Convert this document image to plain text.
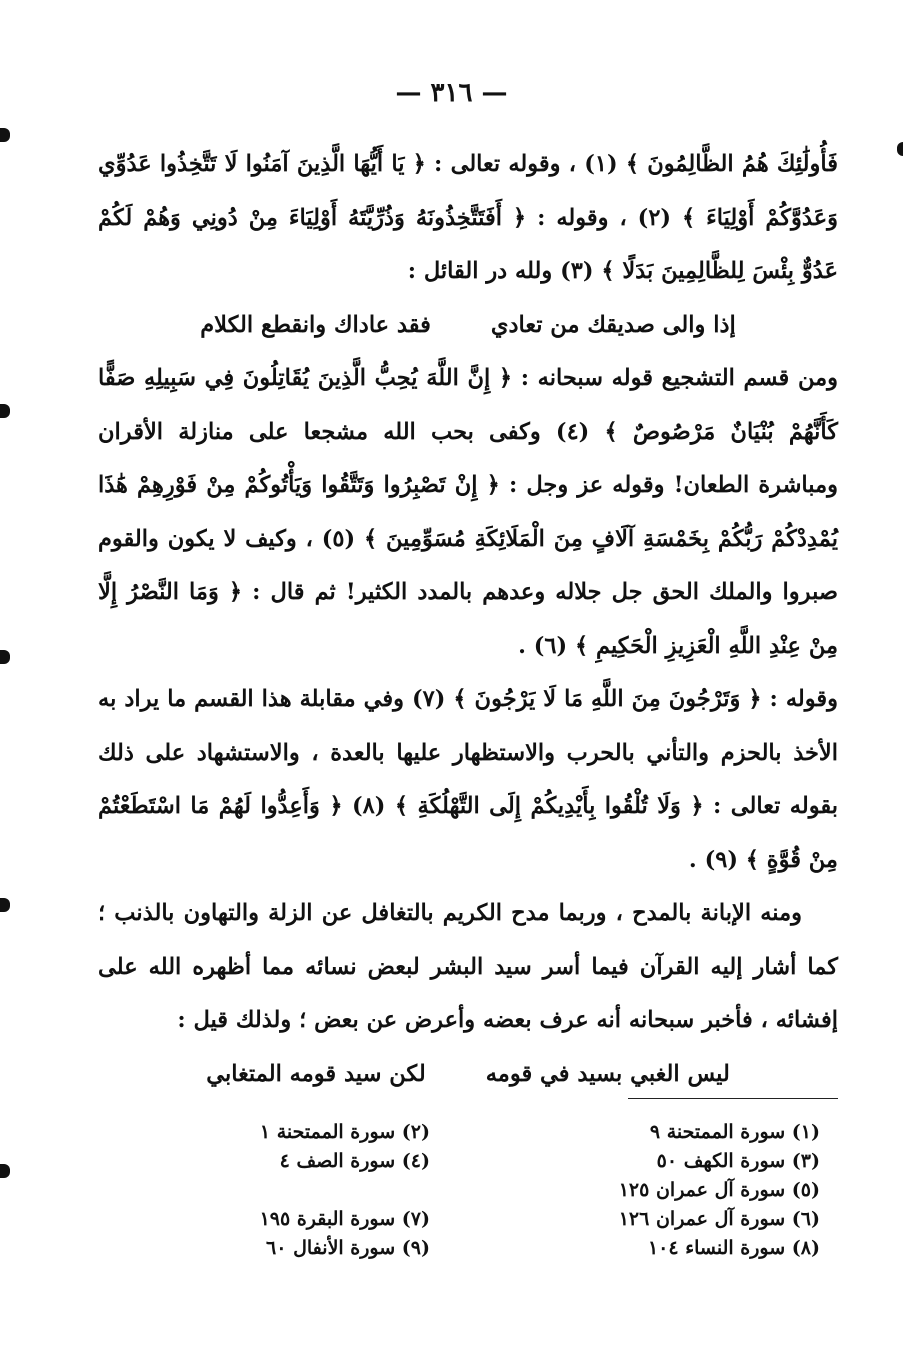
— ٣١٦ —

فَأُولَٰئِكَ هُمُ الظَّالِمُونَ ﴾ (١) ، وقوله تعالى : ﴿ يَا أَيُّهَا الَّذِينَ آمَنُوا لَا تَتَّخِذُوا عَدُوِّي وَعَدُوَّكُمْ أَوْلِيَاءَ ﴾ (٢) ، وقوله : ﴿ أَفَتَتَّخِذُونَهُ وَذُرِّيَّتَهُ أَوْلِيَاءَ مِنْ دُونِي وَهُمْ لَكُمْ عَدُوٌّ بِئْسَ لِلظَّالِمِينَ بَدَلًا ﴾ (٣) ولله در القائل :

إذا والى صديقك من تعادي
فقد عاداك وانقطع الكلام

ومن قسم التشجيع قوله سبحانه : ﴿ إِنَّ اللَّهَ يُحِبُّ الَّذِينَ يُقَاتِلُونَ فِي سَبِيلِهِ صَفًّا كَأَنَّهُمْ بُنْيَانٌ مَرْصُوصٌ ﴾ (٤) وكفى بحب الله مشجعا على منازلة الأقران ومباشرة الطعان! وقوله عز وجل : ﴿ إِنْ تَصْبِرُوا وَتَتَّقُوا وَيَأْتُوكُمْ مِنْ فَوْرِهِمْ هَٰذَا يُمْدِدْكُمْ رَبُّكُمْ بِخَمْسَةِ آلَافٍ مِنَ الْمَلَائِكَةِ مُسَوِّمِينَ ﴾ (٥) ، وكيف لا يكون والقوم صبروا والملك الحق جل جلاله وعدهم بالمدد الكثير! ثم قال : ﴿ وَمَا النَّصْرُ إِلَّا مِنْ عِنْدِ اللَّهِ الْعَزِيزِ الْحَكِيمِ ﴾ (٦) .

وقوله : ﴿ وَتَرْجُونَ مِنَ اللَّهِ مَا لَا يَرْجُونَ ﴾ (٧) وفي مقابلة هذا القسم ما يراد به الأخذ بالحزم والتأني بالحرب والاستظهار عليها بالعدة ، والاستشهاد على ذلك بقوله تعالى : ﴿ وَلَا تُلْقُوا بِأَيْدِيكُمْ إِلَى التَّهْلُكَةِ ﴾ (٨) ﴿ وَأَعِدُّوا لَهُمْ مَا اسْتَطَعْتُمْ مِنْ قُوَّةٍ ﴾ (٩) .

ومنه الإبانة بالمدح ، وربما مدح الكريم بالتغافل عن الزلة والتهاون بالذنب ؛ كما أشار إليه القرآن فيما أسر سيد البشر لبعض نسائه مما أظهره الله على إفشائه ، فأخبر سبحانه أنه عرف بعضه وأعرض عن بعض ؛ ولذلك قيل :

ليس الغبي بسيد في قومه
لكن سيد قومه المتغابي
(١) سورة الممتحنة ٩
(٣) سورة الكهف ٥٠
(٥) سورة آل عمران ١٢٥
(٦) سورة آل عمران ١٢٦
(٨) سورة النساء ١٠٤
(٢) سورة الممتحنة ١
(٤) سورة الصف ٤
(٧) سورة البقرة ١٩٥
(٩) سورة الأنفال ٦٠
